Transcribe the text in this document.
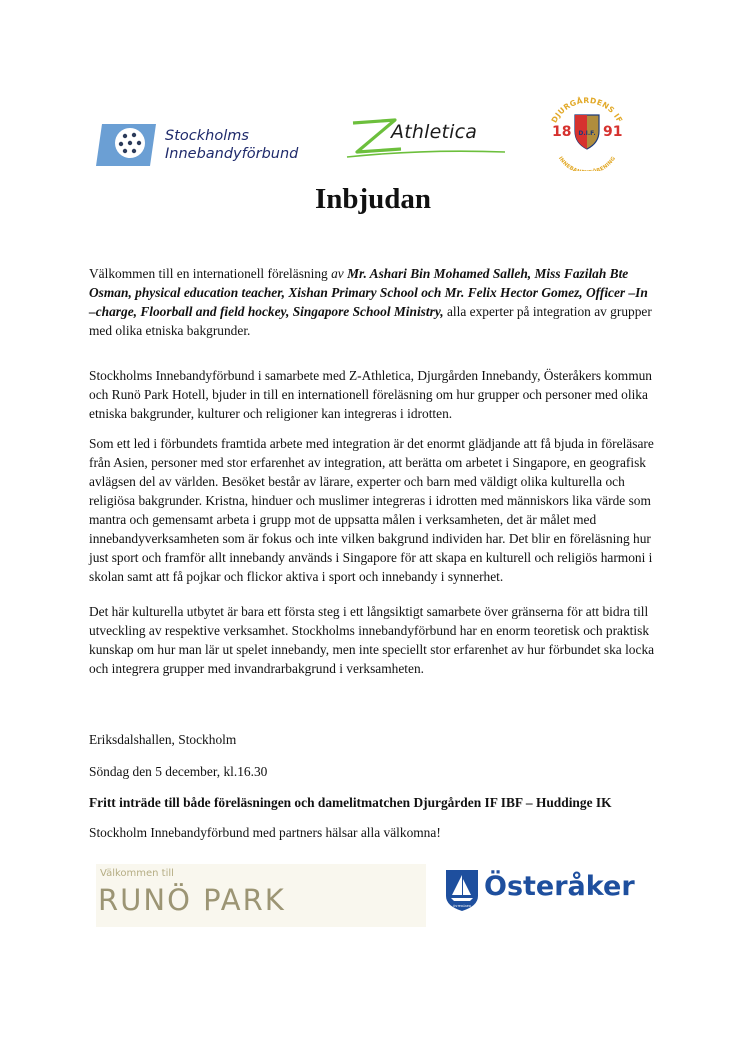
Stockholms
Innebandyförbund
Athletica
DJURGÅRDENS IF
INNEBA RENING
D.I.F.
18 91
Inbjudan

Välkommen till en internationell föreläsning av Mr. Ashari Bin Mohamed Salleh, Miss Fazilah Bte Osman, physical education teacher, Xishan Primary School och Mr. Felix Hector Gomez, Officer –In –charge, Floorball and field hockey, Singapore School Ministry, alla experter på integration av grupper med olika etniska bakgrunder.

Stockholms Innebandyförbund i samarbete med Z-Athletica, Djurgården Innebandy, Österåkers kommun och Runö Park Hotell, bjuder in till en internationell föreläsning om hur grupper och personer med olika etniska bakgrunder, kulturer och religioner kan integreras i idrotten.

Som ett led i förbundets framtida arbete med integration är det enormt glädjande att få bjuda in föreläsare från Asien, personer med stor erfarenhet av integration, att berätta om arbetet i Singapore, en geografisk avlägsen del av världen. Besöket består av lärare, experter och barn med väldigt olika kulturella och religiösa bakgrunder. Kristna, hinduer och muslimer integreras i idrotten med människors lika värde som mantra och gemensamt arbeta i grupp mot de uppsatta målen i verksamheten, det är målet med innebandyverksamheten som är fokus och inte vilken bakgrund individen har. Det blir en föreläsning hur just sport och framför allt innebandy används i Singapore för att skapa en kulturell och religiös harmoni i skolan samt att få pojkar och flickor aktiva i sport och innebandy i synnerhet.

Det här kulturella utbytet är bara ett första steg i ett långsiktigt samarbete över gränserna för att bidra till utveckling av respektive verksamhet. Stockholms innebandyförbund har en enorm teoretisk och praktisk kunskap om hur man lär ut spelet innebandy, men inte speciellt stor erfarenhet av hur förbundet ska locka och integrera grupper med invandrarbakgrund i verksamheten.

Eriksdalshallen, Stockholm

Söndag den 5 december, kl.16.30

Fritt inträde till både föreläsningen och damelitmatchen Djurgården IF IBF – Huddinge IK

Stockholm Innebandyförbund med partners hälsar alla välkomna!

Välkommen till
RUNÖ PARK	ÖSTERÅKER
Österåker
